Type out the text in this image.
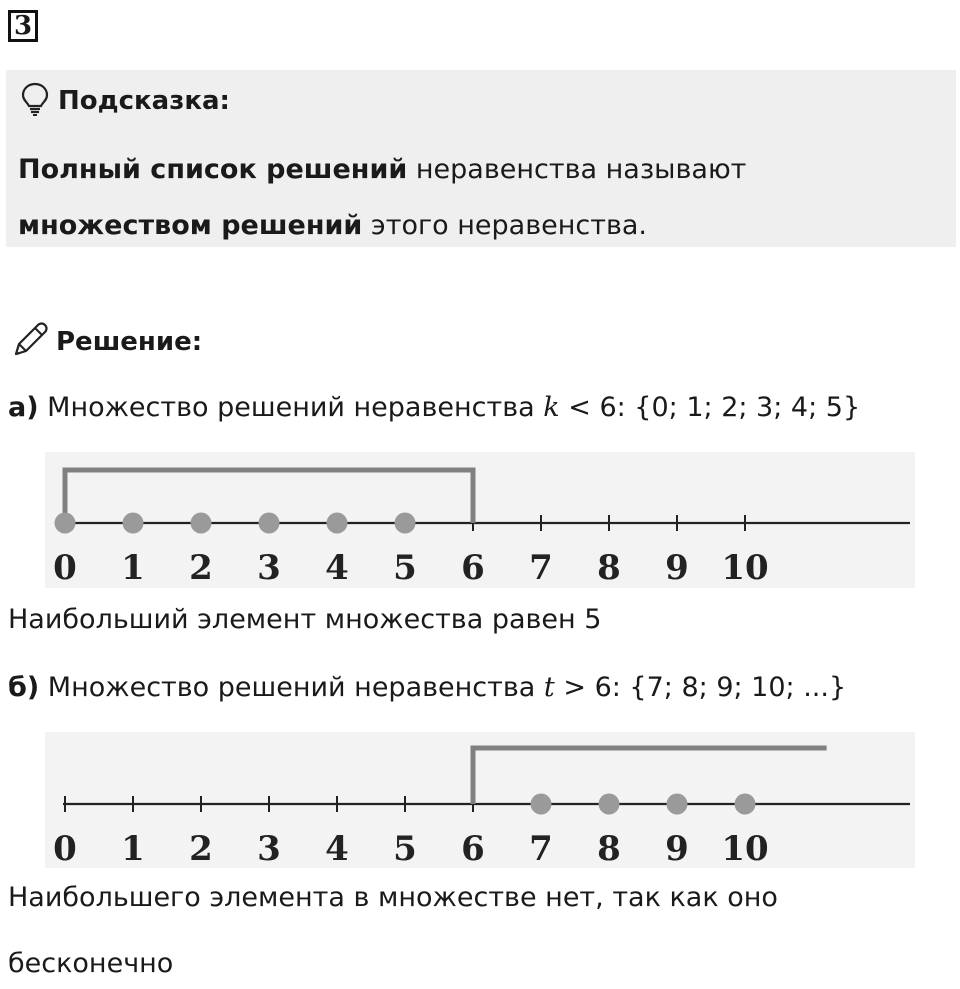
3
Подсказка:
Полный список решений неравенства называют
множеством решений этого неравенства.
Решение:
а) Множество решений неравенства k < 6: {0; 1; 2; 3; 4; 5}
0 1 2 3 4 5 6 7 8 9 10
Наибольший элемент множества равен 5
б) Множество решений неравенства t > 6: {7; 8; 9; 10; ...}
0 1 2 3 4 5 6 7 8 9 10
Наибольшего элемента в множестве нет, так как оно
бесконечно
